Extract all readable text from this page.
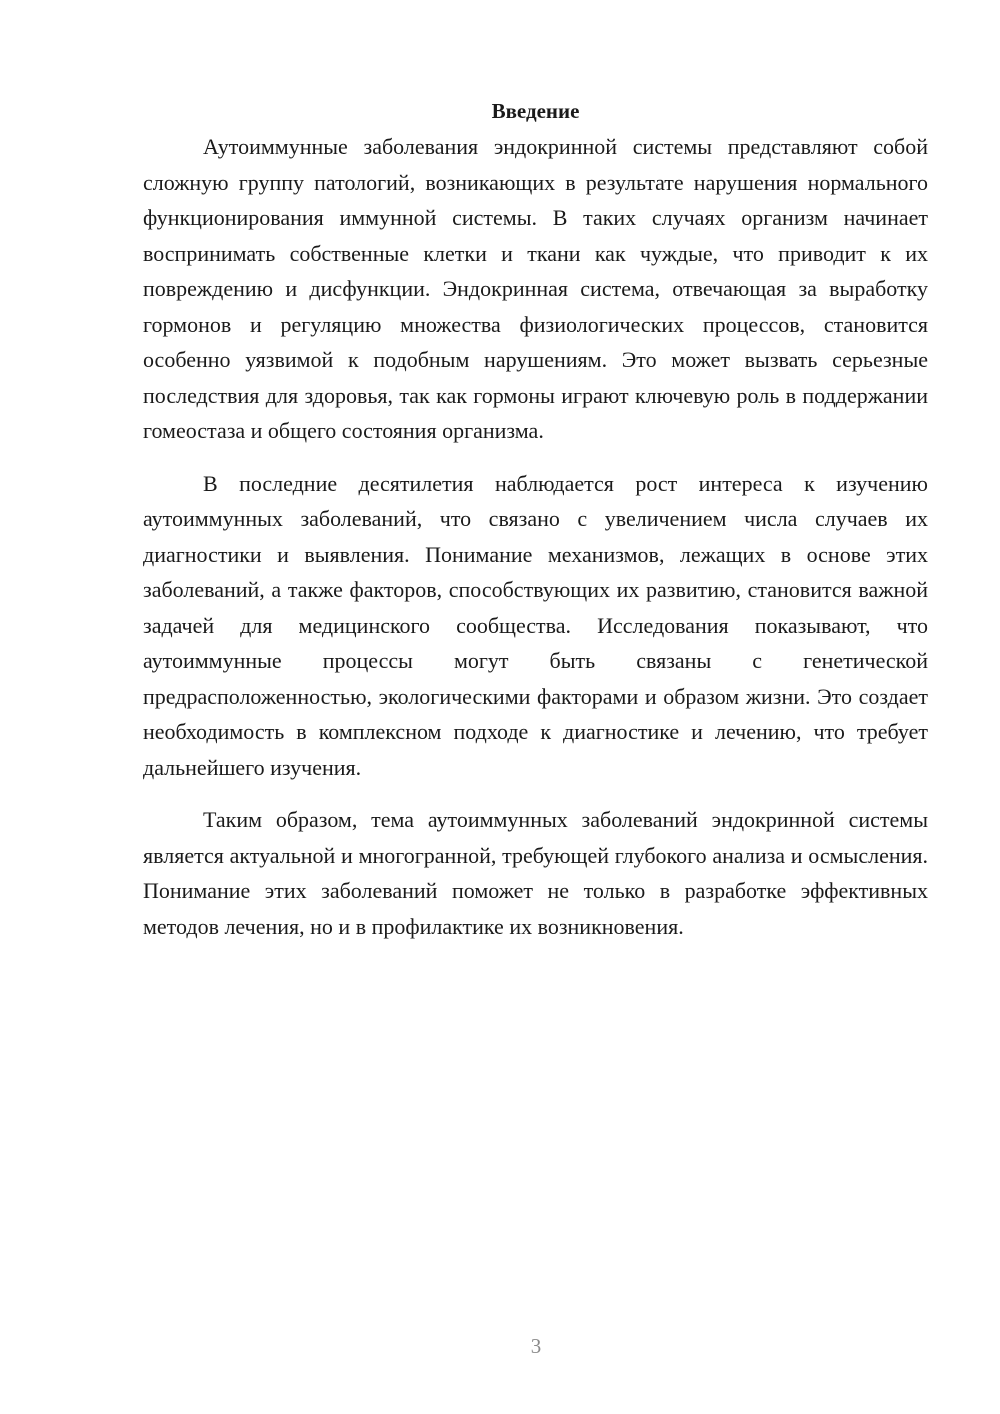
Введение

Аутоиммунные заболевания эндокринной системы представляют собой сложную группу патологий, возникающих в результате нарушения нормального функционирования иммунной системы. В таких случаях организм начинает воспринимать собственные клетки и ткани как чуждые, что приводит к их повреждению и дисфункции. Эндокринная система, отвечающая за выработку гормонов и регуляцию множества физиологических процессов, становится особенно уязвимой к подобным нарушениям. Это может вызвать серьезные последствия для здоровья, так как гормоны играют ключевую роль в поддержании гомеостаза и общего состояния организма.

В последние десятилетия наблюдается рост интереса к изучению аутоиммунных заболеваний, что связано с увеличением числа случаев их диагностики и выявления. Понимание механизмов, лежащих в основе этих заболеваний, а также факторов, способствующих их развитию, становится важной задачей для медицинского сообщества. Исследования показывают, что аутоиммунные процессы могут быть связаны с генетической предрасположенностью, экологическими факторами и образом жизни. Это создает необходимость в комплексном подходе к диагностике и лечению, что требует дальнейшего изучения.

Таким образом, тема аутоиммунных заболеваний эндокринной системы является актуальной и многогранной, требующей глубокого анализа и осмысления. Понимание этих заболеваний поможет не только в разработке эффективных методов лечения, но и в профилактике их возникновения.

3
